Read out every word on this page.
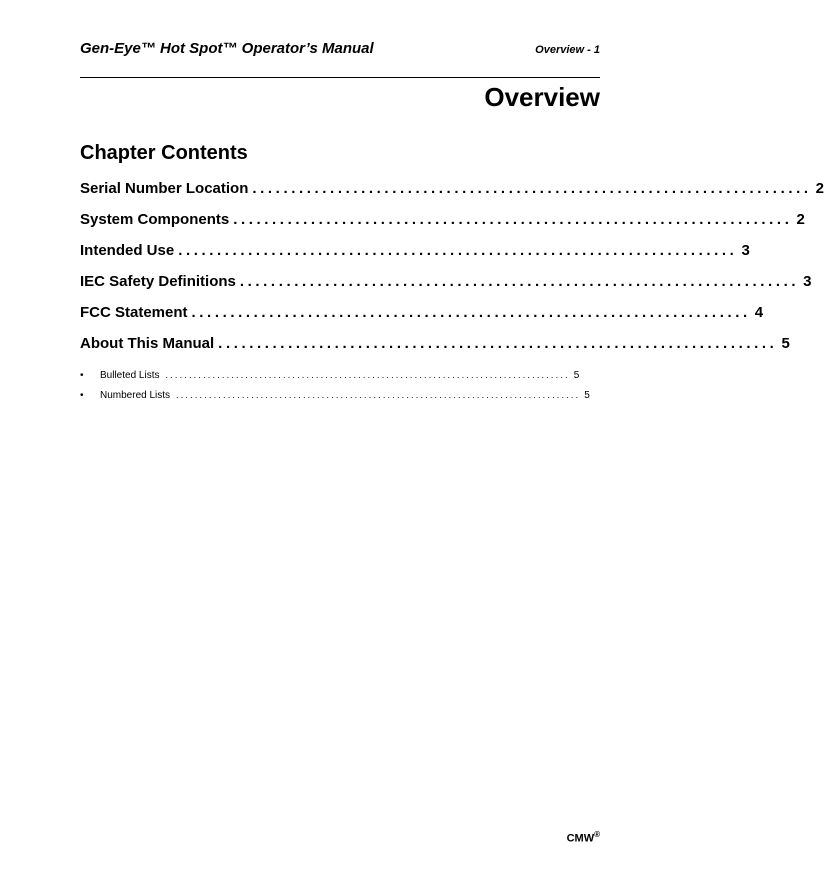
Gen-Eye™ Hot Spot™ Operator’s Manual	Overview - 1
Overview
Chapter Contents
Serial Number Location ........................................................................ 2
System Components ........................................................................ 2
Intended Use ........................................................................ 3
IEC Safety Definitions ........................................................................ 3
FCC Statement ........................................................................ 4
About This Manual ........................................................................ 5
•	Bulleted Lists ...................................................................................... 5
•	Numbered Lists ...................................................................................... 5
CMW®
